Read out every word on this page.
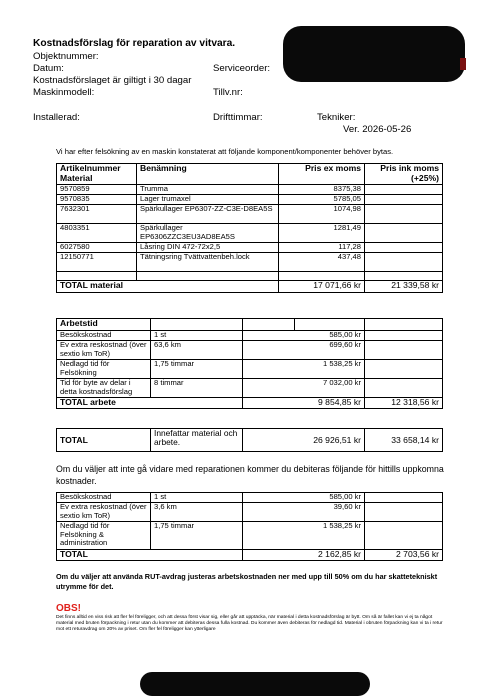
Kostnadsförslag för reparation av vitvara.
Objektnummer:
Datum:	Serviceorder:
Kostnadsförslaget är giltigt i 30 dagar
Maskinmodell:	Tillv.nr:
Installerad:	Drifttimmar:	Tekniker:
Ver. 2026-05-26
Vi har efter felsökning av en maskin konstaterat att följande komponent/komponenter behöver bytas.
Artikelnummer Material	Benämning	Pris ex moms	Pris ink moms (+25%)
9570859	Trumma	8375,38	
9570835	Lager trumaxel	5785,05	
7632301	Spärkullager EP6307-ZZ-C3E-D8EA5S	1074,98	
4803351	Spärkullager EP6306ZZC3EU3AD8EA5S	1281,49	
6027580	Låsring DIN 472-72x2,5	117,28	
12150771	Tätningsring Tvättvattenbeh.lock	437,48	

TOTAL material		17 071,66 kr	21 339,58 kr
Arbetstid				
Besökskostnad	1 st	585,00 kr		
Ev extra reskostnad (över sextio km ToR)	63,6 km	699,60 kr		
Nedlagd tid för Felsökning	1,75 timmar	1 538,25 kr		
Tid för byte av delar i detta kostnadsförslag	8 timmar	7 032,00 kr		
TOTAL arbete		9 854,85 kr		12 318,56 kr
TOTAL	Innefattar material och arbete.	26 926,51 kr	33 658,14 kr
Om du väljer att inte gå vidare med reparationen kommer du debiteras följande för hittills uppkomna kostnader.
Besökskostnad	1 st	585,00 kr	
Ev extra reskostnad (över sextio km ToR)	3,6 km	39,60 kr	
Nedlagd tid för Felsökning & administration	1,75 timmar	1 538,25 kr	
TOTAL		2 162,85 kr	2 703,56 kr
Om du väljer att använda RUT-avdrag justeras arbetskostnaden ner med upp till 50% om du har skattetekniskt utrymme för det.
OBS!
Det finns alltid en viss risk att fler fel föreligger, och att dessa först visar sig, eller går att upptäcka, när material i detta kostnadsförslag är bytt. Om så är fallet kan vi ej ta något material med bruten förpackning i retur utan du kommer att debiteras dessa fulla kostnad. Du kommer även debiteras för nedlagd tid. Material i obruten förpackning kan vi ta i retur mot ett returavdrag om 20% av priset. Om fler fel föreligger kan ytterligare
